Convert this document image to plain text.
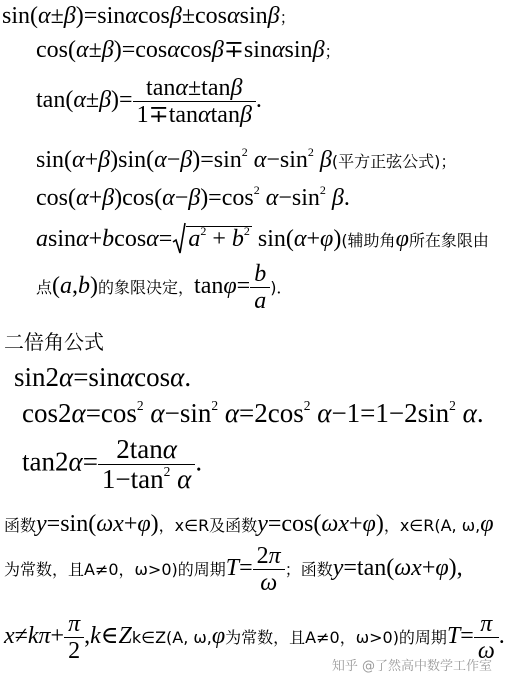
sin(α±β)=sinαcosβ±cosαsinβ；
cos(α±β)=cosαcosβ∓sinαsinβ；
$\tan(\alpha\pm\beta)= \frac{\tan\alpha\pm\tan\beta}{1\mp\tan\alpha\tan\beta}$ .
$\sin(\alpha+\beta)\sin(\alpha-\beta)=\sin^2$ $\alpha-\sin^2$ β(平方正弦公式)；
$\cos(\alpha+\beta)\cos(\alpha-\beta)=\cos^2$ $\alpha-\sin^2$ β.
$asin\alpha+bcos\alpha= a^2 + b^2$ sin(α+φ)(辅助角φ所在象限由
点(a,b)的象限决定，$\tan\varphi= \frac{b}{a}$ )．
二倍角公式
sin2α=sinαcosα.
$\cos 2\alpha=\cos^2$ $\alpha-\sin^2$ $\alpha=2\cos^2$ $\alpha-1=1-2\sin^2$ α.
$\tan 2\alpha= \frac{2\tan\alpha}{1-\tan^2 \alpha}$ .
函数y=sin(ωx+φ)，x∈R及函数y=cos(ωx+φ)，x∈R(A, ω,φ
为常数，且A≠0，ω>0)的周期$T= \frac{2\pi}{\omega}$ ；函数y=tan(ωx+φ),
$x\ne k\pi+ \frac{\pi}{2}$ ,k∈Zk∈Z(A, ω,φ为常数，且A≠0，ω>0)的周期$T= \frac{\pi}{\omega}$ .
知乎 @了然高中数学工作室
